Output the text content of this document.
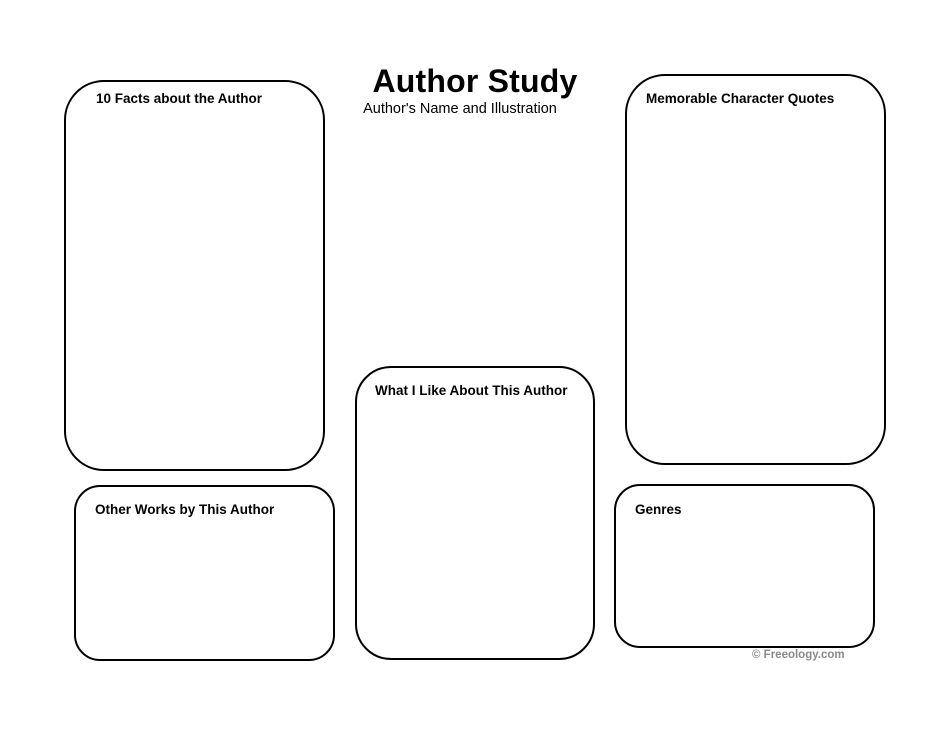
Author Study
Author's Name and Illustration
10 Facts about the Author	Memorable Character Quotes
What I Like About This Author
Other Works by This Author	Genres
© Freeology.com
